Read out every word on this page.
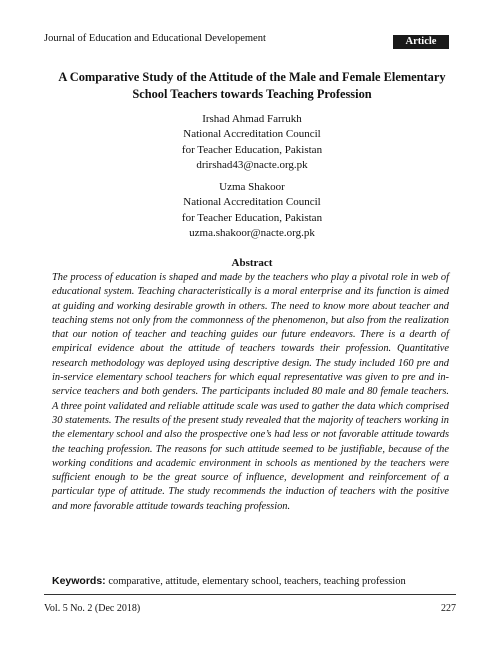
Journal of Education and Educational Developement	Article
A Comparative Study of the Attitude of the Male and Female Elementary School Teachers towards Teaching Profession
Irshad Ahmad Farrukh
National Accreditation Council
for Teacher Education, Pakistan
drirshad43@nacte.org.pk
Uzma Shakoor
National Accreditation Council
for Teacher Education, Pakistan
uzma.shakoor@nacte.org.pk
Abstract

The process of education is shaped and made by the teachers who play a pivotal role in web of educational system. Teaching characteristically is a moral enterprise and its function is aimed at guiding and working desirable growth in others. The need to know more about teacher and teaching stems not only from the commonness of the phenomenon, but also from the realization that our notion of teacher and teaching guides our future endeavors. There is a dearth of empirical evidence about the attitude of teachers towards their profession. Quantitative research methodology was deployed using descriptive design. The study included 160 pre and in-service elementary school teachers for which equal representative was given to pre and in-service teachers and both genders. The participants included 80 male and 80 female teachers. A three point validated and reliable attitude scale was used to gather the data which comprised 30 statements. The results of the present study revealed that the majority of teachers working in the elementary school and also the prospective one’s had less or not favorable attitude towards the teaching profession. The reasons for such attitude seemed to be justifiable, because of the working conditions and academic environment in schools as mentioned by the teachers were sufficient enough to be the great source of influence, development and reinforcement of a particular type of attitude. The study recommends the induction of teachers with the positive and more favorable attitude towards teaching profession.

Keywords: comparative, attitude, elementary school, teachers, teaching profession
Vol. 5 No. 2 (Dec 2018)	227
